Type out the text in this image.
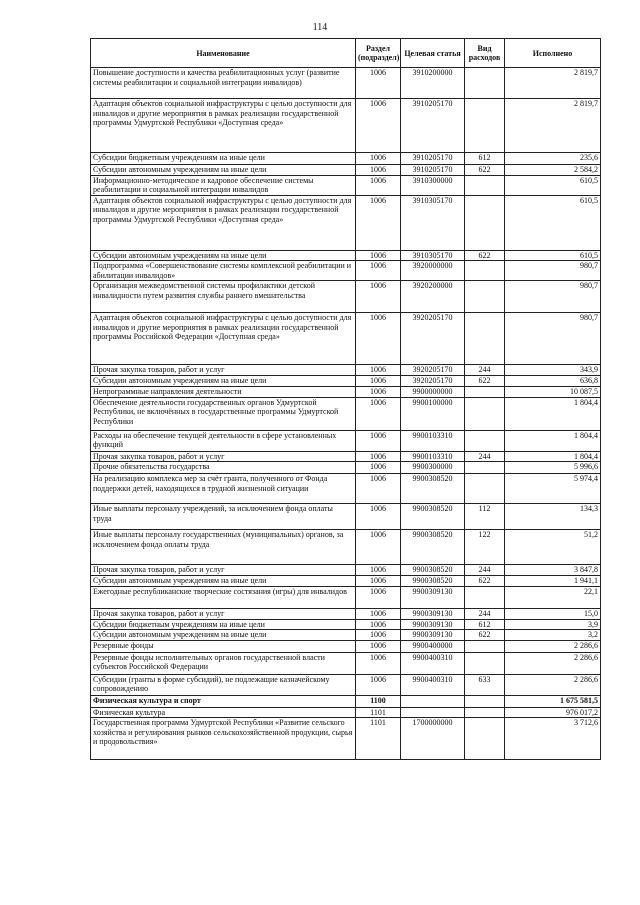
114
Наименование	Раздел (подраздел)	Целевая статья	Вид расходов	Исполнено
Повышение доступности и качества реабилитационных услуг (развитие системы реабилитации и социальной интеграции инвалидов)	1006	3910200000		2 819,7
Адаптация объектов социальной инфраструктуры с целью доступности для инвалидов и другие мероприятия в рамках реализации государственной программы Удмуртской Республики «Доступная среда»	1006	3910205170		2 819,7
Субсидии бюджетным учреждениям на иные цели	1006	3910205170	612	235,6
Субсидии автономным учреждениям на иные цели	1006	3910205170	622	2 584,2
Информационно-методическое и кадровое обеспечение системы реабилитации и социальной интеграции инвалидов	1006	3910300000		610,5
Адаптация объектов социальной инфраструктуры с целью доступности для инвалидов и другие мероприятия в рамках реализации государственной программы Удмуртской Республики «Доступная среда»	1006	3910305170		610,5
Субсидии автономным учреждениям на иные цели	1006	3910305170	622	610,5
Подпрограмма «Совершенствование системы комплексной реабилитации и абилитации инвалидов»	1006	3920000000		980,7
Организация межведомственной системы профилактики детской инвалидности путем развития службы раннего вмешательства	1006	3920200000		980,7
Адаптация объектов социальной инфраструктуры с целью доступности для инвалидов и другие мероприятия в рамках реализации государственной программы Российской Федерации «Доступная среда»	1006	3920205170		980,7
Прочая закупка товаров, работ и услуг	1006	3920205170	244	343,9
Субсидии автономным учреждениям на иные цели	1006	3920205170	622	636,8
Непрограммные направления деятельности	1006	9900000000		10 087,5
Обеспечение деятельности государственных органов Удмуртской Республики, не включённых в государственные программы Удмуртской Республики	1006	9900100000		1 804,4
Расходы на обеспечение текущей деятельности в сфере установленных функций	1006	9900103310		1 804,4
Прочая закупка товаров, работ и услуг	1006	9900103310	244	1 804,4
Прочие обязательства государства	1006	9900300000		5 996,6
На реализацию комплекса мер за счёт гранта, полученного от Фонда поддержки детей, находящихся в трудной жизненной ситуации	1006	9900308520		5 974,4
Иные выплаты персоналу учреждений, за исключением фонда оплаты труда	1006	9900308520	112	134,3
Иные выплаты персоналу государственных (муниципальных) органов, за исключением фонда оплаты труда	1006	9900308520	122	51,2
Прочая закупка товаров, работ и услуг	1006	9900308520	244	3 847,8
Субсидии автономным учреждениям на иные цели	1006	9900308520	622	1 941,1
Ежегодные республиканские творческие состязания (игры) для инвалидов	1006	9900309130		22,1
Прочая закупка товаров, работ и услуг	1006	9900309130	244	15,0
Субсидии бюджетным учреждениям на иные цели	1006	9900309130	612	3,9
Субсидии автономным учреждениям на иные цели	1006	9900309130	622	3,2
Резервные фонды	1006	9900400000		2 286,6
Резервные фонды исполнительных органов государственной власти субъектов Российской Федерации	1006	9900400310		2 286,6
Субсидии (гранты в форме субсидий), не подлежащие казначейскому сопровождению	1006	9900400310	633	2 286,6
Физическая культура и спорт	1100			1 675 581,5
Физическая культура	1101			976 017,2
Государственная программа Удмуртской Республики «Развитие сельского хозяйства и регулирования рынков сельскохозяйственной продукции, сырья и продовольствия»	1101	1700000000		3 712,6
